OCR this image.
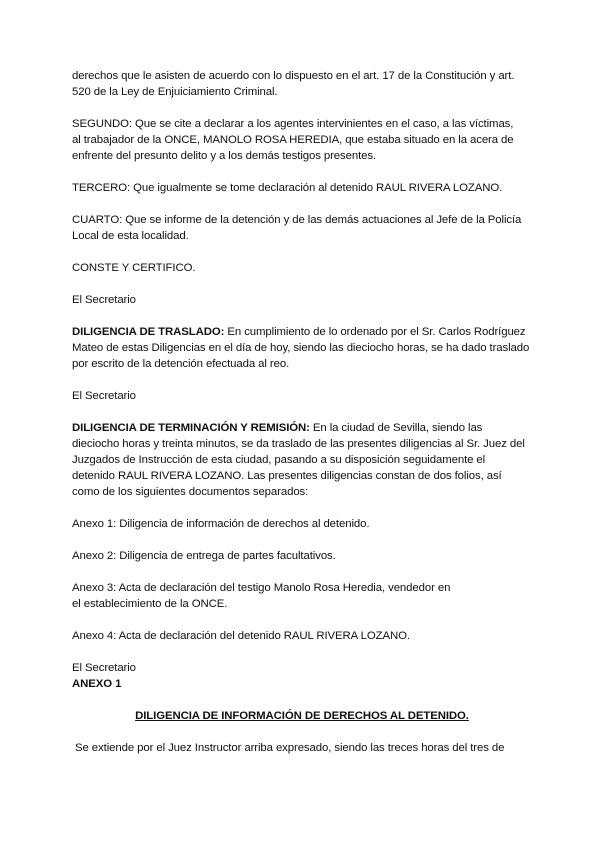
derechos que le asisten de acuerdo con lo dispuesto en el art. 17 de la Constitución y art.

520 de la Ley de Enjuiciamiento Criminal.

SEGUNDO: Que se cite a declarar a los agentes intervinientes en el caso, a las víctimas,

al trabajador de la ONCE, MANOLO ROSA HEREDIA, que estaba situado en la acera de

enfrente del presunto delito y a los demás testigos presentes.

TERCERO: Que igualmente se tome declaración al detenido RAUL RIVERA LOZANO.

CUARTO: Que se informe de la detención y de las demás actuaciones al Jefe de la Policía

Local de esta localidad.

CONSTE Y CERTIFICO.

El Secretario

DILIGENCIA DE TRASLADO: En cumplimiento de lo ordenado por el Sr. Carlos Rodríguez

Mateo de estas Diligencias en el día de hoy, siendo las dieciocho horas, se ha dado traslado

por escrito de la detención efectuada al reo.

El Secretario

DILIGENCIA DE TERMINACIÓN Y REMISIÓN: En la ciudad de Sevilla, siendo las

dieciocho horas y treinta minutos, se da traslado de las presentes diligencias al Sr. Juez del

Juzgados de Instrucción de esta ciudad, pasando a su disposición seguidamente el

detenido RAUL RIVERA LOZANO. Las presentes diligencias constan de dos folios, así

como de los siguientes documentos separados:

Anexo 1: Diligencia de información de derechos al detenido.

Anexo 2: Diligencia de entrega de partes facultativos.

Anexo 3: Acta de declaración del testigo Manolo Rosa Heredia, vendedor en

el establecimiento de la ONCE.

Anexo 4: Acta de declaración del detenido RAUL RIVERA LOZANO.

El Secretario

ANEXO 1

DILIGENCIA DE INFORMACIÓN DE DERECHOS AL DETENIDO.

Se extiende por el Juez Instructor arriba expresado, siendo las treces horas del tres de
